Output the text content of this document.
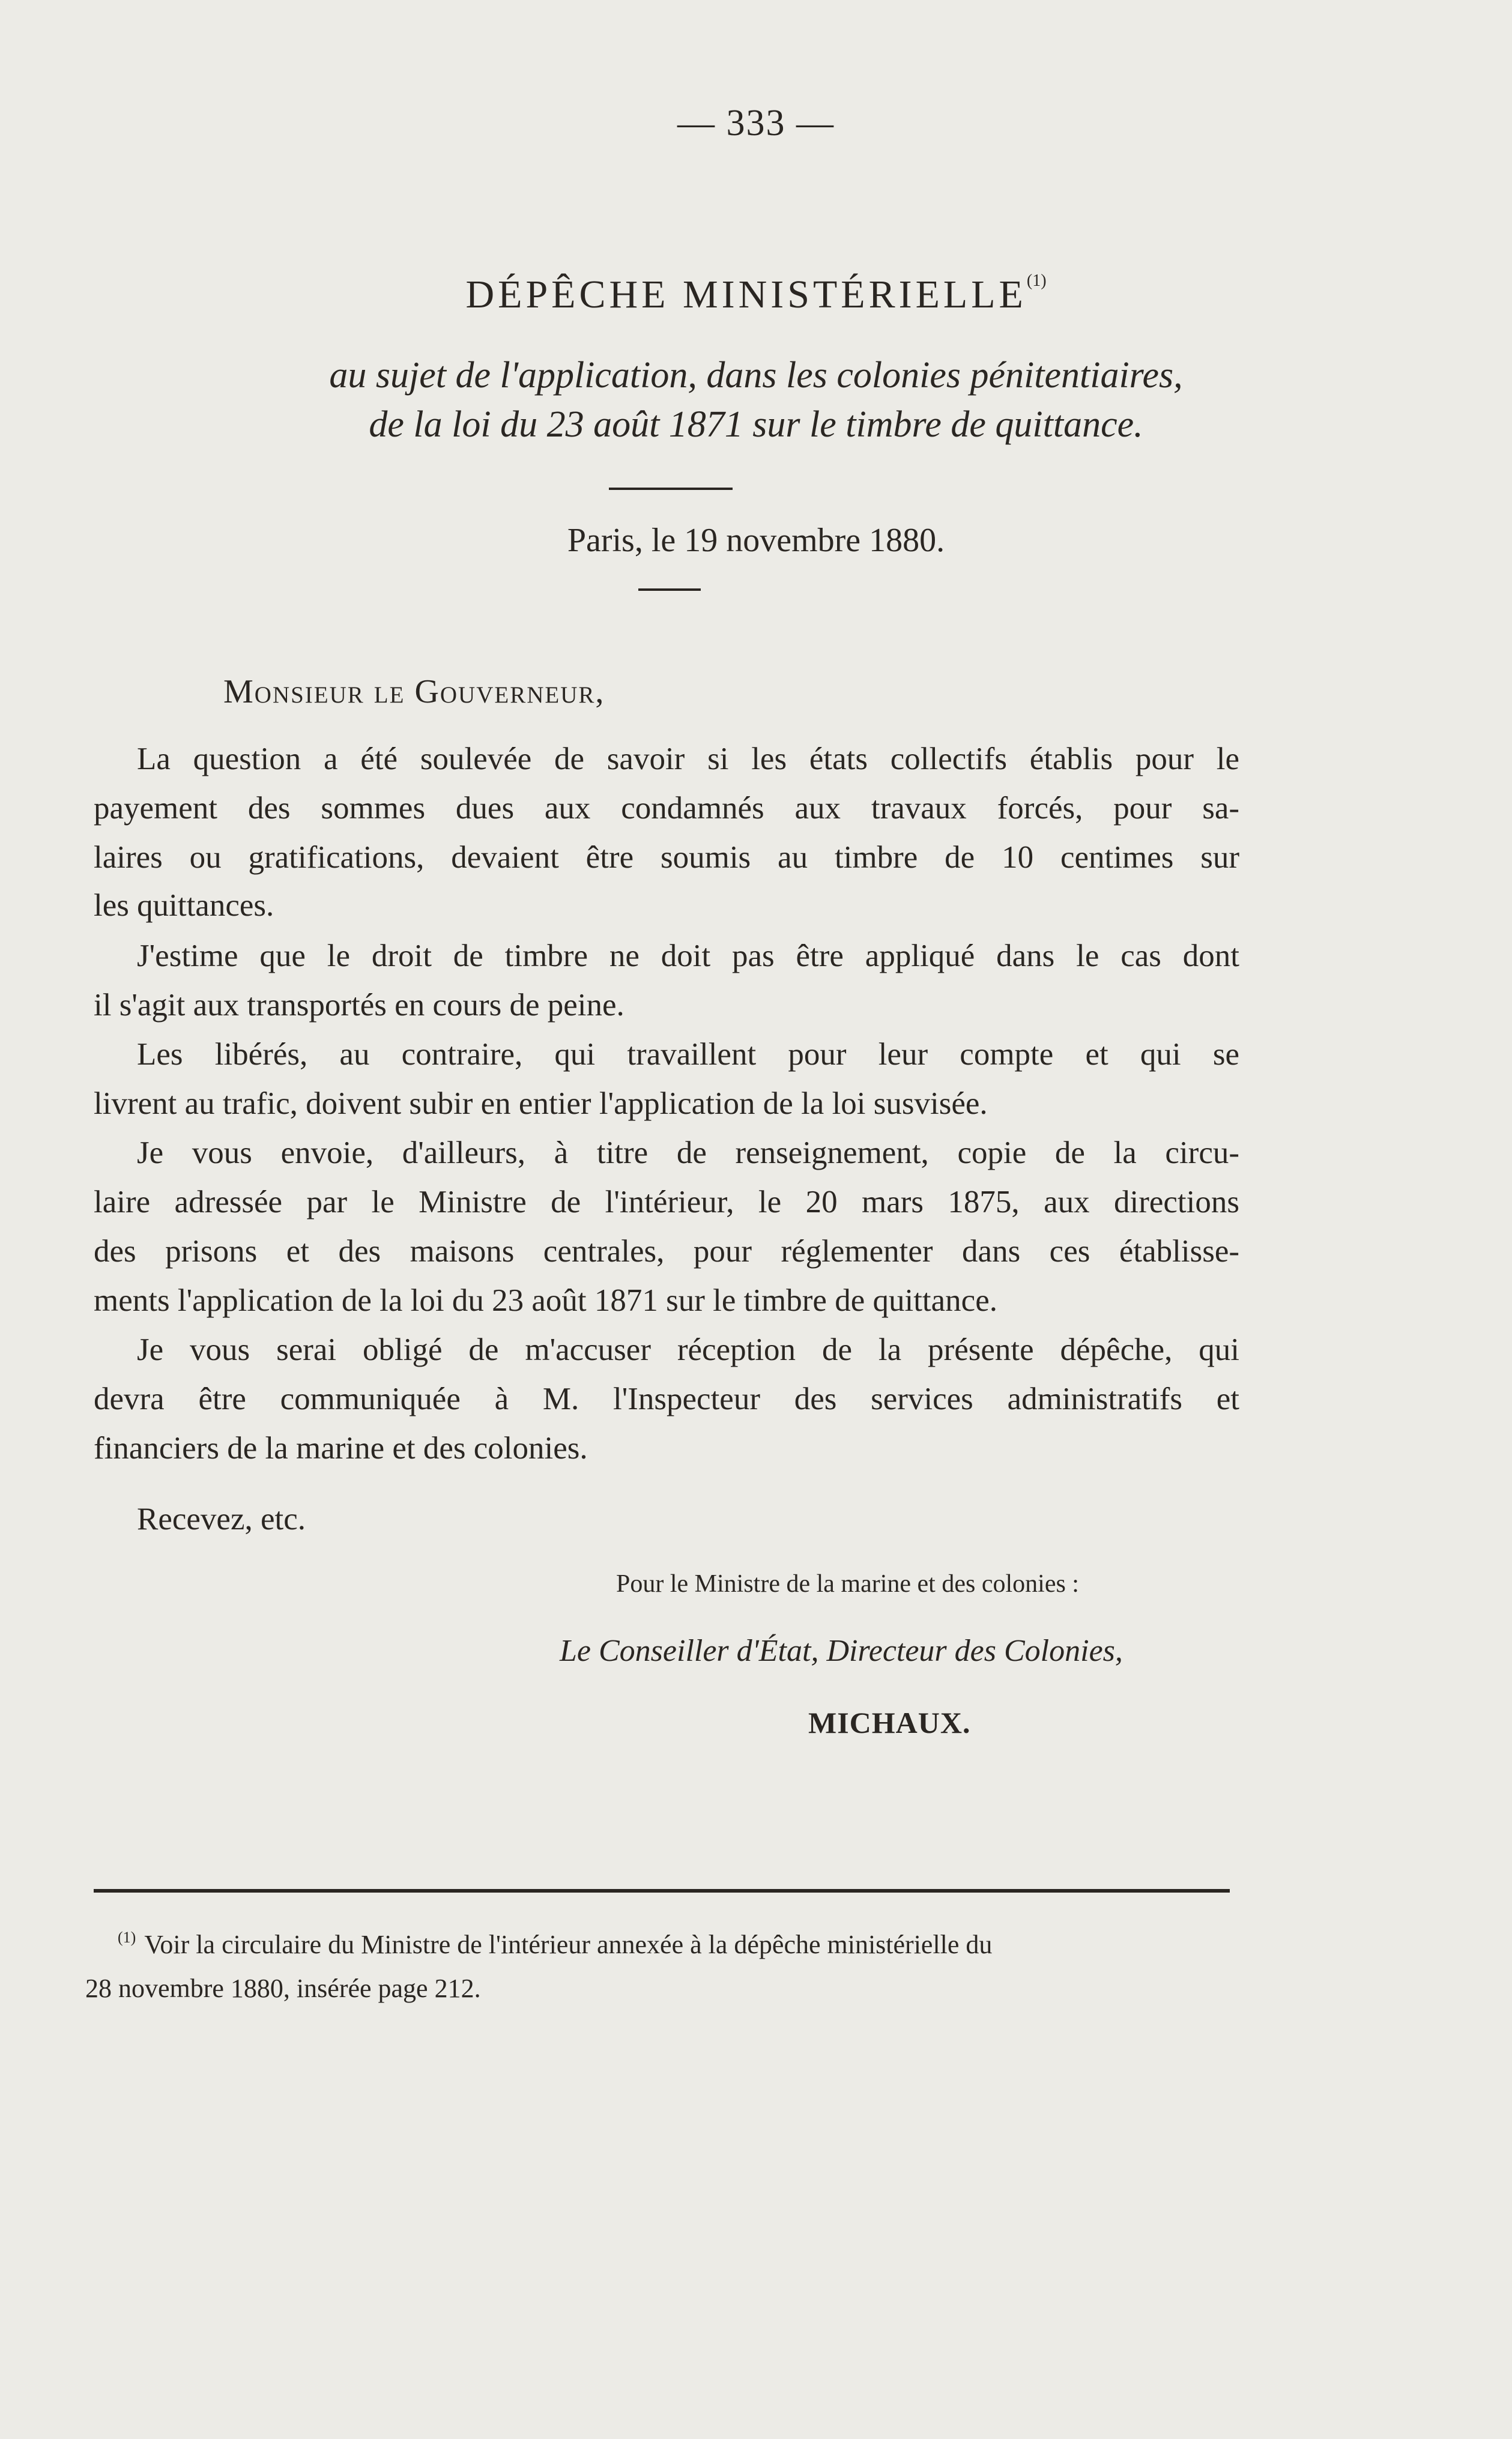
— 333 —
DÉPÊCHE MINISTÉRIELLE$^{(1)}$
au sujet de l'application, dans les colonies pénitentiaires,
de la loi du 23 août 1871 sur le timbre de quittance.
Paris, le 19 novembre 1880.
Monsieur le Gouverneur,
La question a été soulevée de savoir si les états collectifs établis pour le
payement des sommes dues aux condamnés aux travaux forcés, pour sa-
laires ou gratifications, devaient être soumis au timbre de 10 centimes sur
les quittances.
J'estime que le droit de timbre ne doit pas être appliqué dans le cas dont
il s'agit aux transportés en cours de peine.
Les libérés, au contraire, qui travaillent pour leur compte et qui se
livrent au trafic, doivent subir en entier l'application de la loi susvisée.
Je vous envoie, d'ailleurs, à titre de renseignement, copie de la circu-
laire adressée par le Ministre de l'intérieur, le 20 mars 1875, aux directions
des prisons et des maisons centrales, pour réglementer dans ces établisse-
ments l'application de la loi du 23 août 1871 sur le timbre de quittance.
Je vous serai obligé de m'accuser réception de la présente dépêche, qui
devra être communiquée à M. l'Inspecteur des services administratifs et
financiers de la marine et des colonies.
Recevez, etc.
Pour le Ministre de la marine et des colonies :
Le Conseiller d'État, Directeur des Colonies,
MICHAUX.
$^{(1)}$ Voir la circulaire du Ministre de l'intérieur annexée à la dépêche ministérielle du
28 novembre 1880, insérée page 212.
